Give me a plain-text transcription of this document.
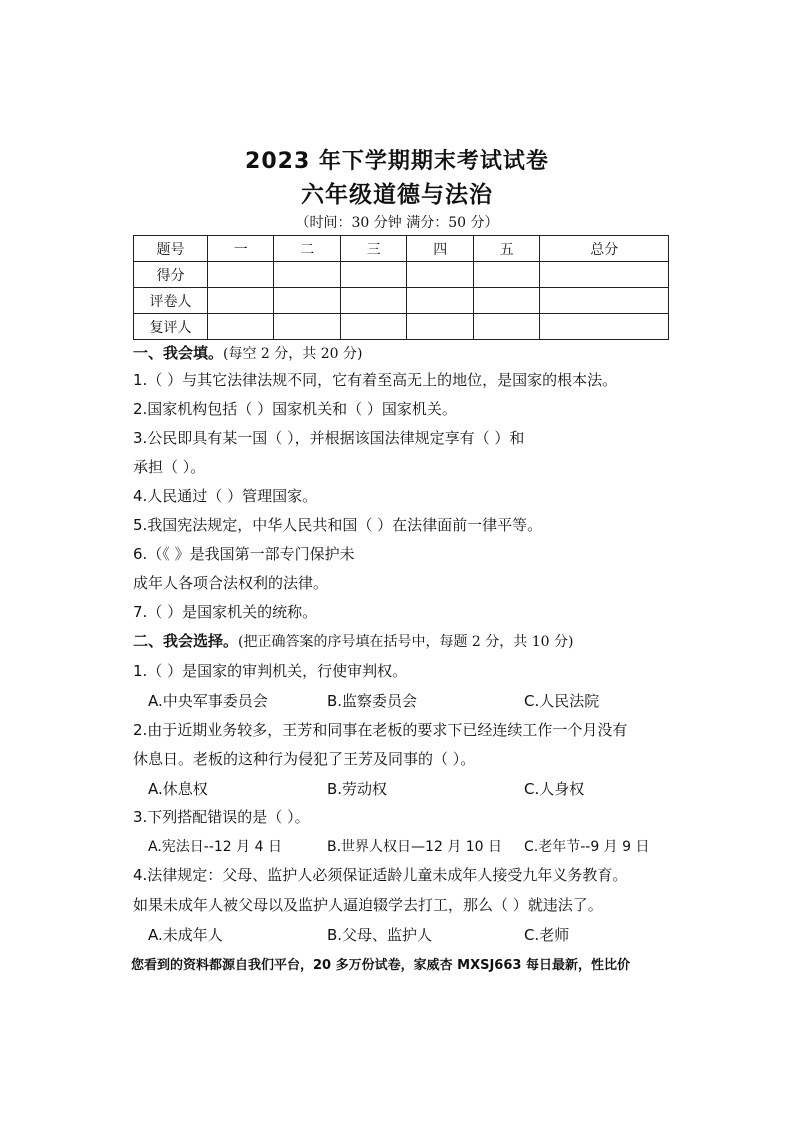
2023 年下学期期末考试试卷
六年级道德与法治
（时间：30 分钟 满分：50 分）
题号	一	二	三	四	五	总分
得分						
评卷人						
复评人						
一、我会填。(每空 2 分，共 20 分)
1.（ ）与其它法律法规不同，它有着至高无上的地位，是国家的根本法。
2.国家机构包括（ ）国家机关和（ ）国家机关。
3.公民即具有某一国（ ），并根据该国法律规定享有（ ）和
承担（ ）。
4.人民通过（ ）管理国家。
5.我国宪法规定，中华人民共和国（ ）在法律面前一律平等。
6.（《 》是我国第一部专门保护未
成年人各项合法权利的法律。
7.（ ）是国家机关的统称。
二、我会选择。(把正确答案的序号填在括号中，每题 2 分，共 10 分)
1.（ ）是国家的审判机关，行使审判权。
A.中央军事委员会	B.监察委员会	C.人民法院
2.由于近期业务较多，王芳和同事在老板的要求下已经连续工作一个月没有
休息日。老板的这种行为侵犯了王芳及同事的（ ）。
A.休息权	B.劳动权	C.人身权
3.下列搭配错误的是（ ）。
A.宪法日--12 月 4 日	B.世界人权日—12 月 10 日 C.老年节--9 月 9 日
4.法律规定：父母、监护人必须保证适龄儿童未成年人接受九年义务教育。
如果未成年人被父母以及监护人逼迫辍学去打工，那么（ ）就违法了。
A.未成年人	B.父母、监护人	C.老师
您看到的资料都源自我们平台，20 多万份试卷，家威杏 MXSJ663 每日最新，性比价
